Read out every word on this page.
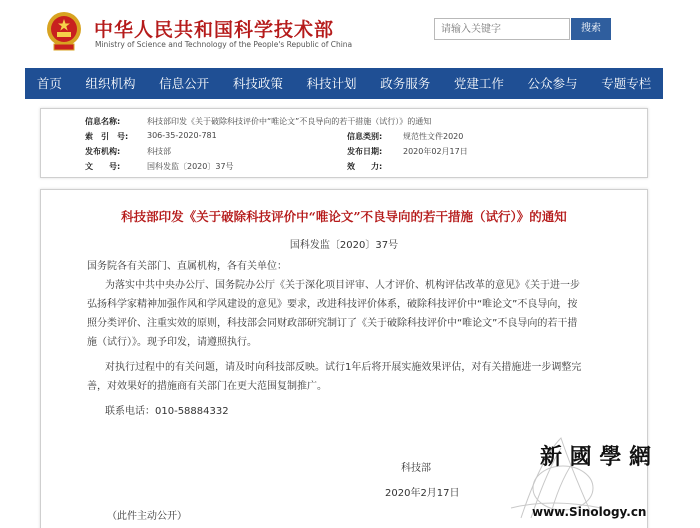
中华人民共和国科学技术部
Ministry of Science and Technology of the People's Republic of China
请输入关键字
搜索
首页	组织机构	信息公开	科技政策	科技计划	政务服务	党建工作	公众参与	专题专栏
信息名称:	科技部印发《关于破除科技评价中“唯论文”不良导向的若干措施（试行）》的通知
索　引　号: 306-35-2020-781	信息类别:	规范性文件2020
发布机构:	科技部	发布日期:	2020年02月17日
文　　号:	国科发监〔2020〕37号	效　　力:
科技部印发《关于破除科技评价中“唯论文”不良导向的若干措施（试行）》的通知
国科发监〔2020〕37号
国务院各有关部门、直属机构，各有关单位：
为落实中共中央办公厅、国务院办公厅《关于深化项目评审、人才评价、机构评估改革的意见》《关于进一步
弘扬科学家精神加强作风和学风建设的意见》要求，改进科技评价体系，破除科技评价中“唯论文”不良导向，按
照分类评价、注重实效的原则，科技部会同财政部研究制订了《关于破除科技评价中“唯论文”不良导向的若干措
施（试行）》。现予印发，请遵照执行。
对执行过程中的有关问题，请及时向科技部反映。试行1年后将开展实施效果评估，对有关措施进一步调整完
善，对效果好的措施商有关部门在更大范围复制推广。
联系电话：010-58884332
科技部
2020年2月17日
（此件主动公开）
新 國 學 網
www.Sinology.cn
